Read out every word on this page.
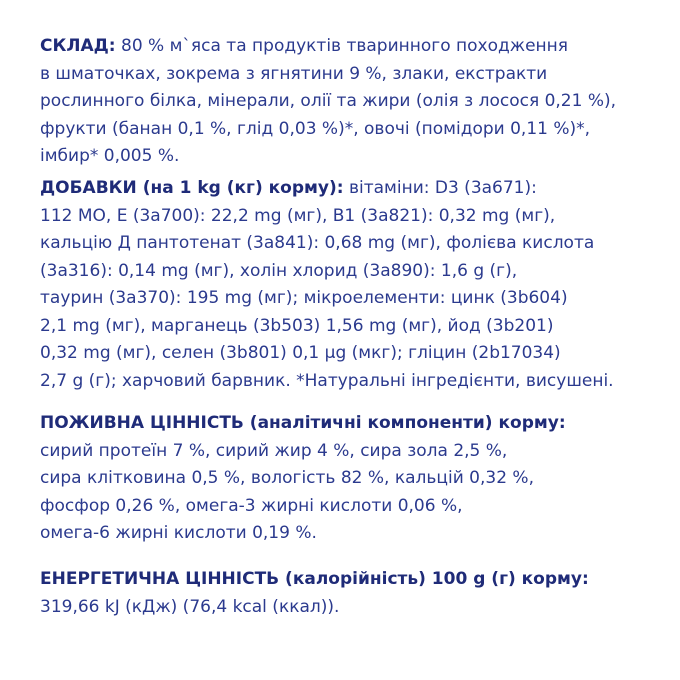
СКЛАД: 80 % м`яса та продуктів тваринного походження
в шматочках, зокрема з ягнятини 9 %, злаки, екстракти
рослинного білка, мінерали, олії та жири (олія з лосося 0,21 %),
фрукти (банан 0,1 %, глід 0,03 %)*, овочі (помідори 0,11 %)*,
імбир* 0,005 %.
ДОБАВКИ (на 1 kg (кг) корму): вітаміни: D3 (3а671):
112 МО, Е (3а700): 22,2 mg (мг), В1 (3а821): 0,32 mg (мг),
кальцію Д пантотенат (3а841): 0,68 mg (мг), фолієва кислота
(3а316): 0,14 mg (мг), холін хлорид (3а890): 1,6 g (г),
таурин (3а370): 195 mg (мг); мікроелементи: цинк (3b604)
2,1 mg (мг), марганець (3b503) 1,56 mg (мг), йод (3b201)
0,32 mg (мг), селен (3b801) 0,1 µg (мкг); гліцин (2b17034)
2,7 g (г); харчовий барвник. *Натуральні інгредієнти, висушені.
ПОЖИВНА ЦІННІСТЬ (аналітичні компоненти) корму:
сирий протеїн 7 %, сирий жир 4 %, сира зола 2,5 %,
сира клітковина 0,5 %, вологість 82 %, кальцій 0,32 %,
фосфор 0,26 %, омега-3 жирні кислоти 0,06 %,
омега-6 жирні кислоти 0,19 %.
ЕНЕРГЕТИЧНА ЦІННІСТЬ (калорійність) 100 g (г) корму:
319,66 kJ (кДж) (76,4 kcal (ккал)).
